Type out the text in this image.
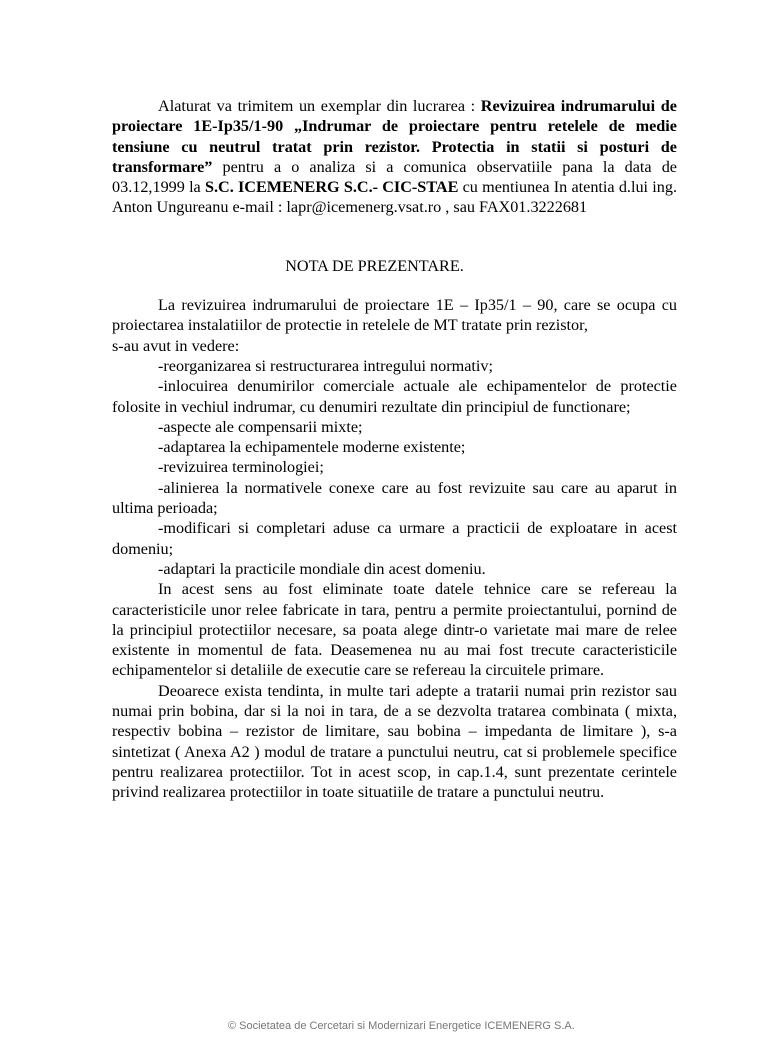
Alaturat va trimitem un exemplar din lucrarea : Revizuirea indrumarului de proiectare 1E-Ip35/1-90 „Indrumar de proiectare pentru retelele de medie tensiune cu neutrul tratat prin rezistor. Protectia in statii si posturi de transformare” pentru a o analiza si a comunica observatiile pana la data de 03.12,1999 la S.C. ICEMENERG S.C.- CIC-STAE cu mentiunea In atentia d.lui ing. Anton Ungureanu e-mail : lapr@icemenerg.vsat.ro , sau FAX01.3222681

NOTA DE PREZENTARE.

La revizuirea indrumarului de proiectare 1E – Ip35/1 – 90, care se ocupa cu proiectarea instalatiilor de protectie in retelele de MT tratate prin rezistor,

s-au avut in vedere:

-reorganizarea si restructurarea intregului normativ;

-inlocuirea denumirilor comerciale actuale ale echipamentelor de protectie folosite in vechiul indrumar, cu denumiri rezultate din principiul de functionare;

-aspecte ale compensarii mixte;

-adaptarea la echipamentele moderne existente;

-revizuirea terminologiei;

-alinierea la normativele conexe care au fost revizuite sau care au aparut in ultima perioada;

-modificari si completari aduse ca urmare a practicii de exploatare in acest domeniu;

-adaptari la practicile mondiale din acest domeniu.

In acest sens au fost eliminate toate datele tehnice care se refereau la caracteristicile unor relee fabricate in tara, pentru a permite proiectantului, pornind de la principiul protectiilor necesare, sa poata alege dintr-o varietate mai mare de relee existente in momentul de fata. Deasemenea nu au mai fost trecute caracteristicile echipamentelor si detaliile de executie care se refereau la circuitele primare.

Deoarece exista tendinta, in multe tari adepte a tratarii numai prin rezistor sau numai prin bobina, dar si la noi in tara, de a se dezvolta tratarea combinata ( mixta, respectiv bobina – rezistor de limitare, sau bobina – impedanta de limitare ), s-a sintetizat ( Anexa A2 ) modul de tratare a punctului neutru, cat si problemele specifice pentru realizarea protectiilor. Tot in acest scop, in cap.1.4, sunt prezentate cerintele privind realizarea protectiilor in toate situatiile de tratare a punctului neutru.

© Societatea de Cercetari si Modernizari Energetice ICEMENERG S.A.
